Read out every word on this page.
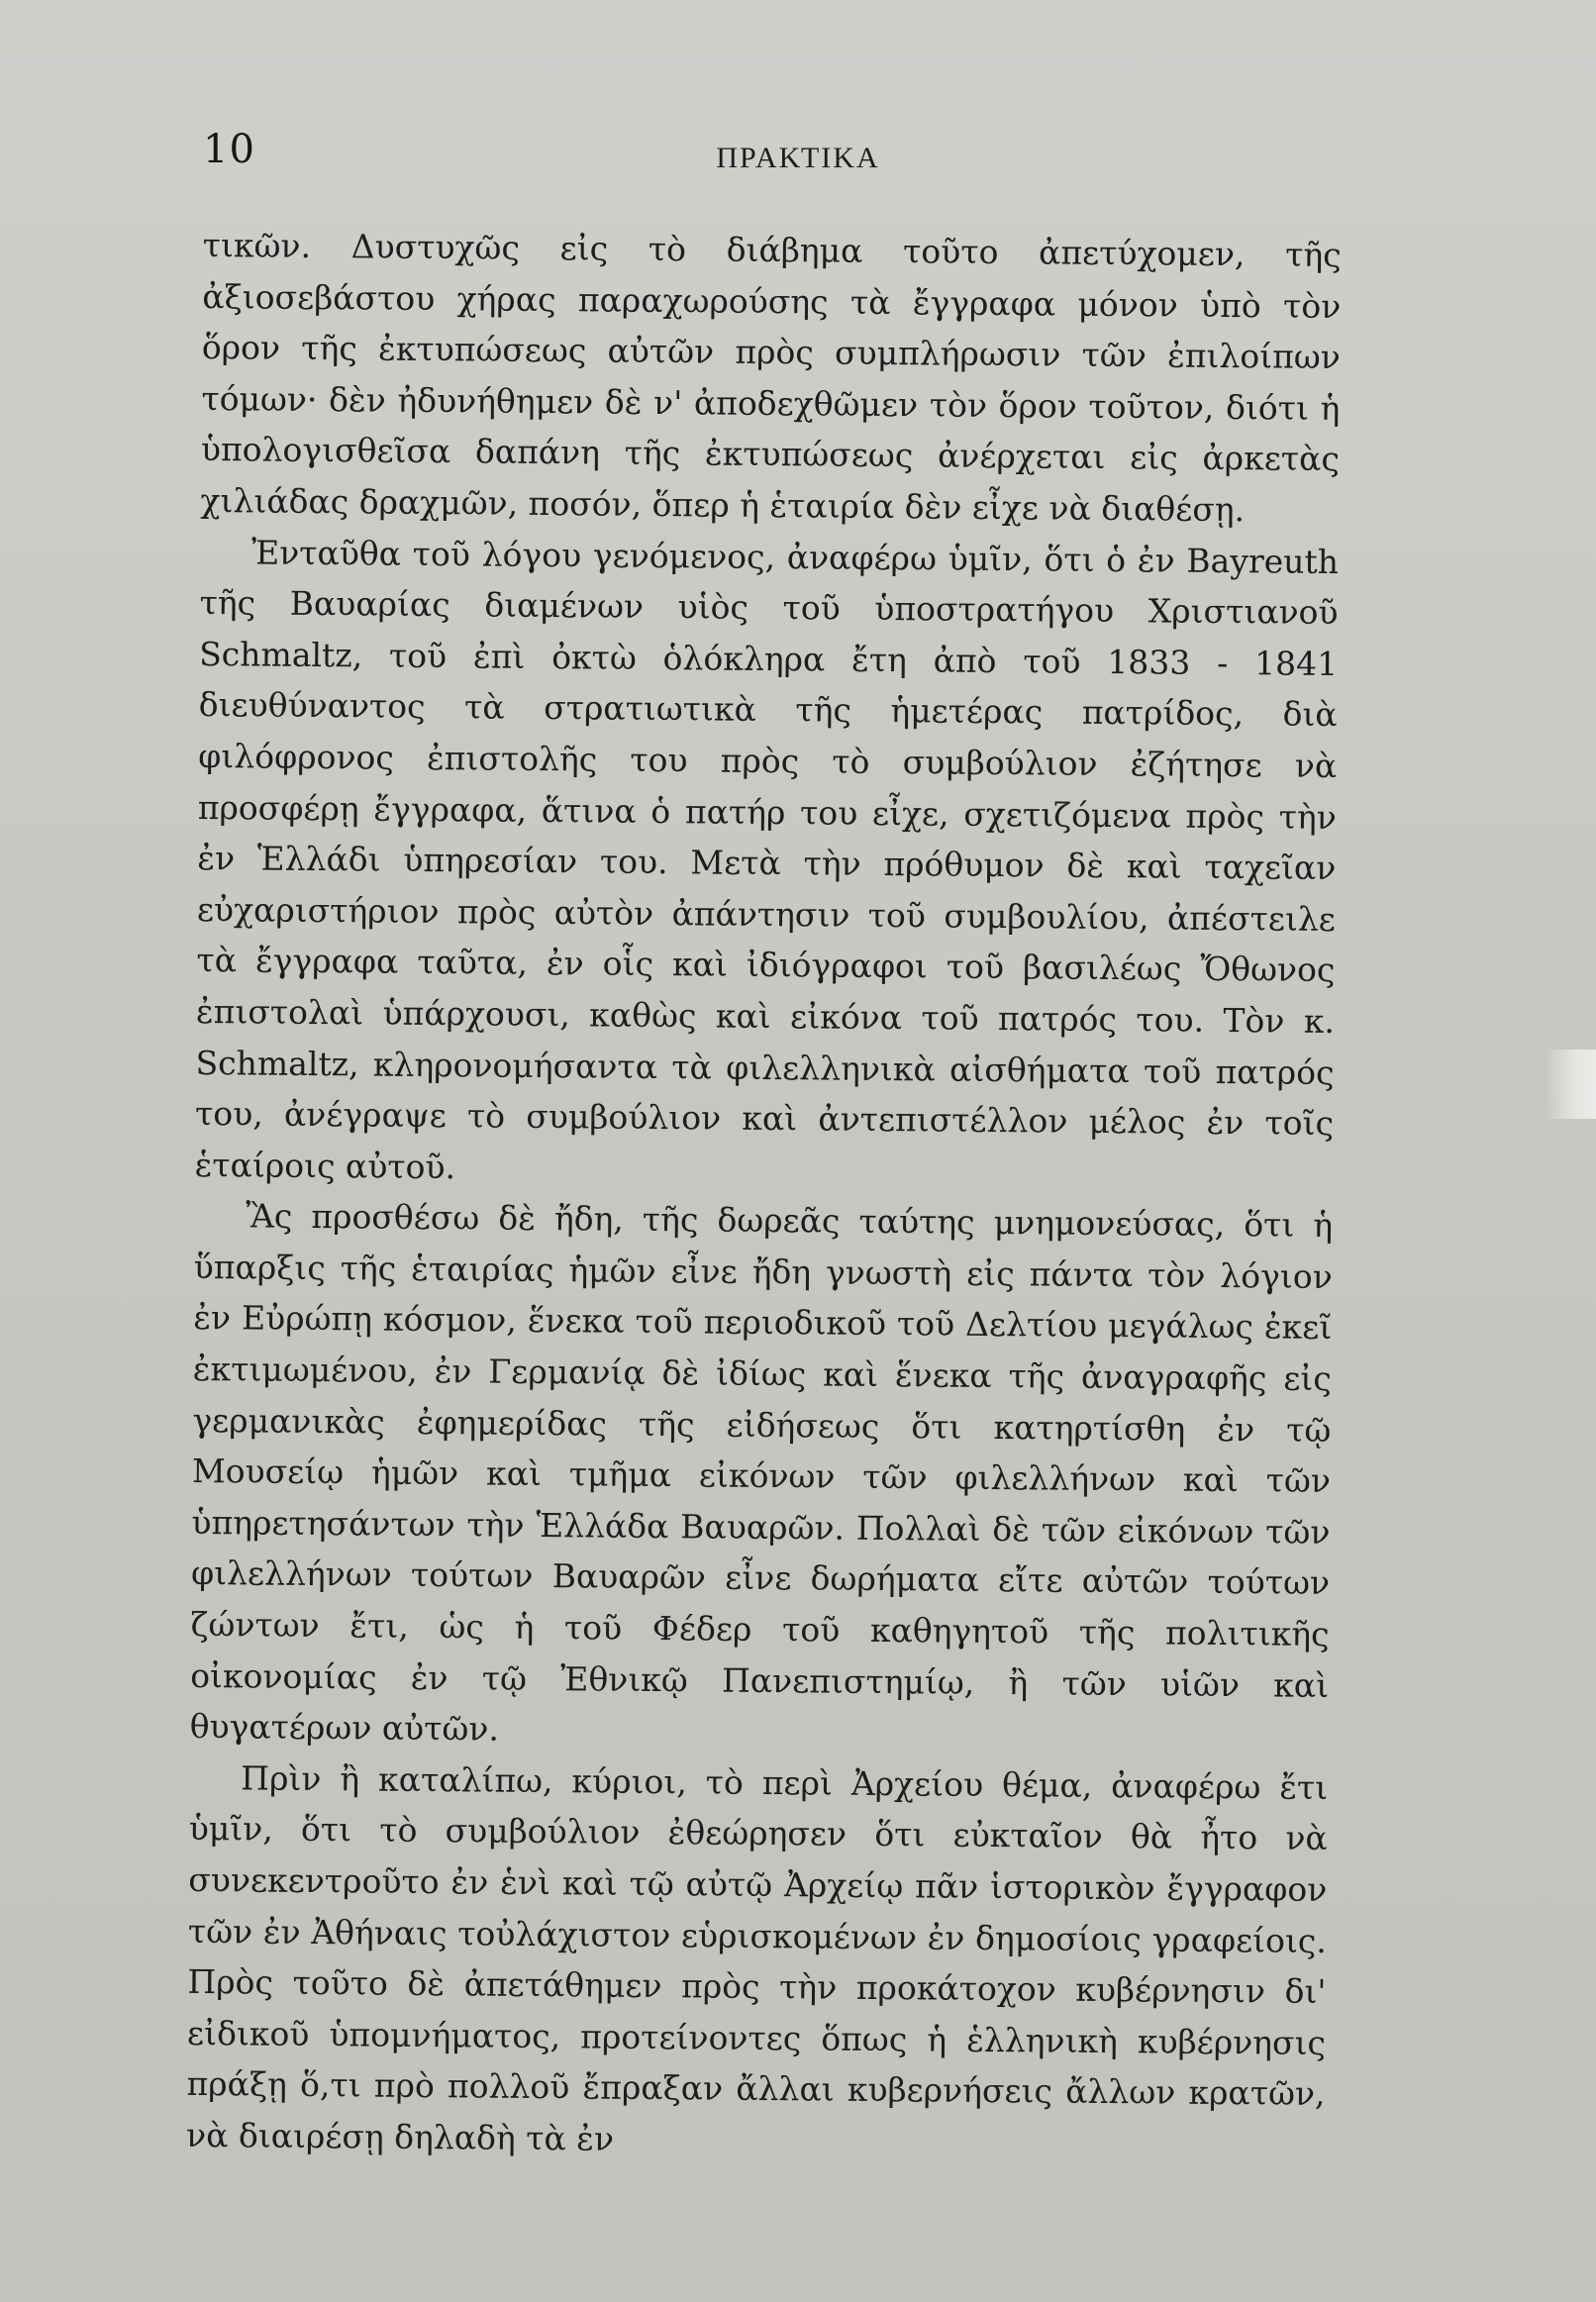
10	ΠΡΑΚΤΙΚΑ

τικῶν. Δυστυχῶς εἰς τὸ διάβημα τοῦτο ἀπετύχομεν, τῆς ἀξιοσεβάστου χήρας παραχωρούσης τὰ ἔγγραφα μόνον ὑπὸ τὸν ὅρον τῆς ἐκτυπώσεως αὐτῶν πρὸς συμπλήρωσιν τῶν ἐπιλοίπων τόμων· δὲν ἠδυνήθημεν δὲ ν' ἀποδεχθῶμεν τὸν ὅρον τοῦτον, διότι ἡ ὑπολογισθεῖσα δαπάνη τῆς ἐκτυπώσεως ἀνέρχεται εἰς ἀρκετὰς χιλιάδας δραχμῶν, ποσόν, ὅπερ ἡ ἑταιρία δὲν εἶχε νὰ διαθέσῃ.

Ἐνταῦθα τοῦ λόγου γενόμενος, ἀναφέρω ὑμῖν, ὅτι ὁ ἐν Bayreuth τῆς Βαυαρίας διαμένων υἱὸς τοῦ ὑποστρατήγου Χριστιανοῦ Schmaltz, τοῦ ἐπὶ ὀκτὼ ὁλόκληρα ἔτη ἀπὸ τοῦ 1833 - 1841 διευθύναντος τὰ στρατιωτικὰ τῆς ἡμετέρας πατρίδος, διὰ φιλόφρονος ἐπιστολῆς του πρὸς τὸ συμβούλιον ἐζήτησε νὰ προσφέρῃ ἔγγραφα, ἅτινα ὁ πατήρ του εἶχε, σχετιζόμενα πρὸς τὴν ἐν Ἑλλάδι ὑπηρεσίαν του. Μετὰ τὴν πρόθυμον δὲ καὶ ταχεῖαν εὐχαριστήριον πρὸς αὐτὸν ἀπάντησιν τοῦ συμβουλίου, ἀπέστειλε τὰ ἔγγραφα ταῦτα, ἐν οἷς καὶ ἰδιόγραφοι τοῦ βασιλέως Ὄθωνος ἐπιστολαὶ ὑπάρχουσι, καθὼς καὶ εἰκόνα τοῦ πατρός του. Τὸν κ. Schmaltz, κληρονομήσαντα τὰ φιλελληνικὰ αἰσθήματα τοῦ πατρός του, ἀνέγραψε τὸ συμβούλιον καὶ ἀντεπιστέλλον μέλος ἐν τοῖς ἑταίροις αὐτοῦ.

Ἂς προσθέσω δὲ ἤδη, τῆς δωρεᾶς ταύτης μνημονεύσας, ὅτι ἡ ὕπαρξις τῆς ἑταιρίας ἡμῶν εἶνε ἤδη γνωστὴ εἰς πάντα τὸν λόγιον ἐν Εὐρώπῃ κόσμον, ἕνεκα τοῦ περιοδικοῦ τοῦ Δελτίου μεγάλως ἐκεῖ ἐκτιμωμένου, ἐν Γερμανίᾳ δὲ ἰδίως καὶ ἕνεκα τῆς ἀναγραφῆς εἰς γερμανικὰς ἐφημερίδας τῆς εἰδήσεως ὅτι κατηρτίσθη ἐν τῷ Μουσείῳ ἡμῶν καὶ τμῆμα εἰκόνων τῶν φιλελλήνων καὶ τῶν ὑπηρετησάντων τὴν Ἑλλάδα Βαυαρῶν. Πολλαὶ δὲ τῶν εἰκόνων τῶν φιλελλήνων τούτων Βαυαρῶν εἶνε δωρήματα εἴτε αὐτῶν τούτων ζώντων ἔτι, ὡς ἡ τοῦ Φέδερ τοῦ καθηγητοῦ τῆς πολιτικῆς οἰκονομίας ἐν τῷ Ἐθνικῷ Πανεπιστημίῳ, ἢ τῶν υἱῶν καὶ θυγατέρων αὐτῶν.

Πρὶν ἢ καταλίπω, κύριοι, τὸ περὶ Ἀρχείου θέμα, ἀναφέρω ἔτι ὑμῖν, ὅτι τὸ συμβούλιον ἐθεώρησεν ὅτι εὐκταῖον θὰ ἦτο νὰ συνεκεντροῦτο ἐν ἑνὶ καὶ τῷ αὐτῷ Ἀρχείῳ πᾶν ἱστορικὸν ἔγγραφον τῶν ἐν Ἀθήναις τοὐλάχιστον εὑρισκομένων ἐν δημοσίοις γραφείοις. Πρὸς τοῦτο δὲ ἀπετάθημεν πρὸς τὴν προκάτοχον κυβέρνησιν δι' εἰδικοῦ ὑπομνήματος, προτείνοντες ὅπως ἡ ἑλληνικὴ κυβέρνησις πράξῃ ὅ,τι πρὸ πολλοῦ ἔπραξαν ἄλλαι κυβερνήσεις ἄλλων κρατῶν, νὰ διαιρέσῃ δηλαδὴ τὰ ἐν
